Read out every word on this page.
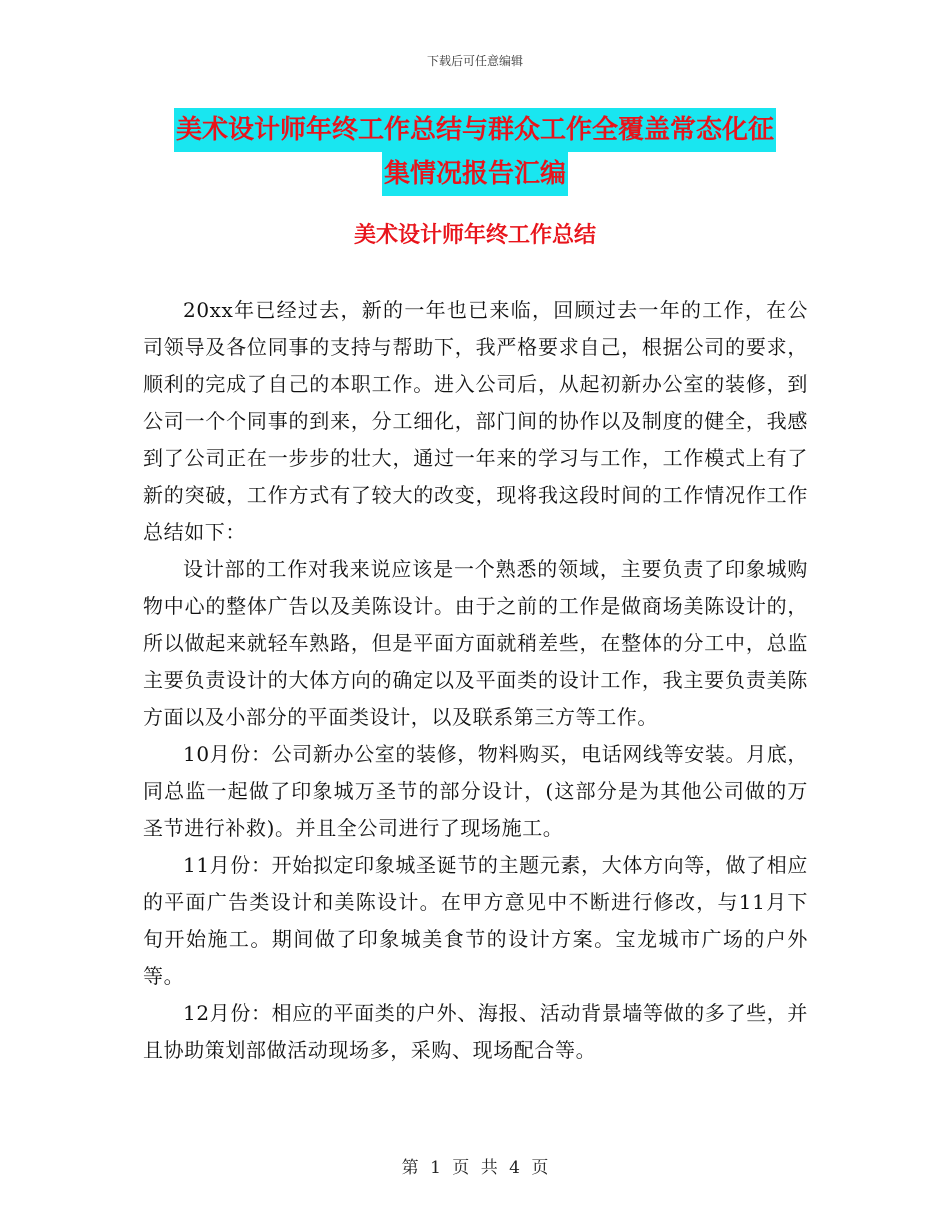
下载后可任意编辑
美术设计师年终工作总结与群众工作全覆盖常态化征
集情况报告汇编
美术设计师年终工作总结

20xx年已经过去，新的一年也已来临，回顾过去一年的工作，在公司领导及各位同事的支持与帮助下，我严格要求自己，根据公司的要求，顺利的完成了自己的本职工作。进入公司后，从起初新办公室的装修，到公司一个个同事的到来，分工细化，部门间的协作以及制度的健全，我感到了公司正在一步步的壮大，通过一年来的学习与工作，工作模式上有了新的突破，工作方式有了较大的改变，现将我这段时间的工作情况作工作总结如下：

设计部的工作对我来说应该是一个熟悉的领域，主要负责了印象城购物中心的整体广告以及美陈设计。由于之前的工作是做商场美陈设计的，所以做起来就轻车熟路，但是平面方面就稍差些，在整体的分工中，总监主要负责设计的大体方向的确定以及平面类的设计工作，我主要负责美陈方面以及小部分的平面类设计，以及联系第三方等工作。

10月份：公司新办公室的装修，物料购买，电话网线等安装。月底，同总监一起做了印象城万圣节的部分设计，(这部分是为其他公司做的万圣节进行补救)。并且全公司进行了现场施工。

11月份：开始拟定印象城圣诞节的主题元素，大体方向等，做了相应的平面广告类设计和美陈设计。在甲方意见中不断进行修改，与11月下旬开始施工。期间做了印象城美食节的设计方案。宝龙城市广场的户外等。

12月份：相应的平面类的户外、海报、活动背景墙等做的多了些，并且协助策划部做活动现场多，采购、现场配合等。

第 1 页 共 4 页
